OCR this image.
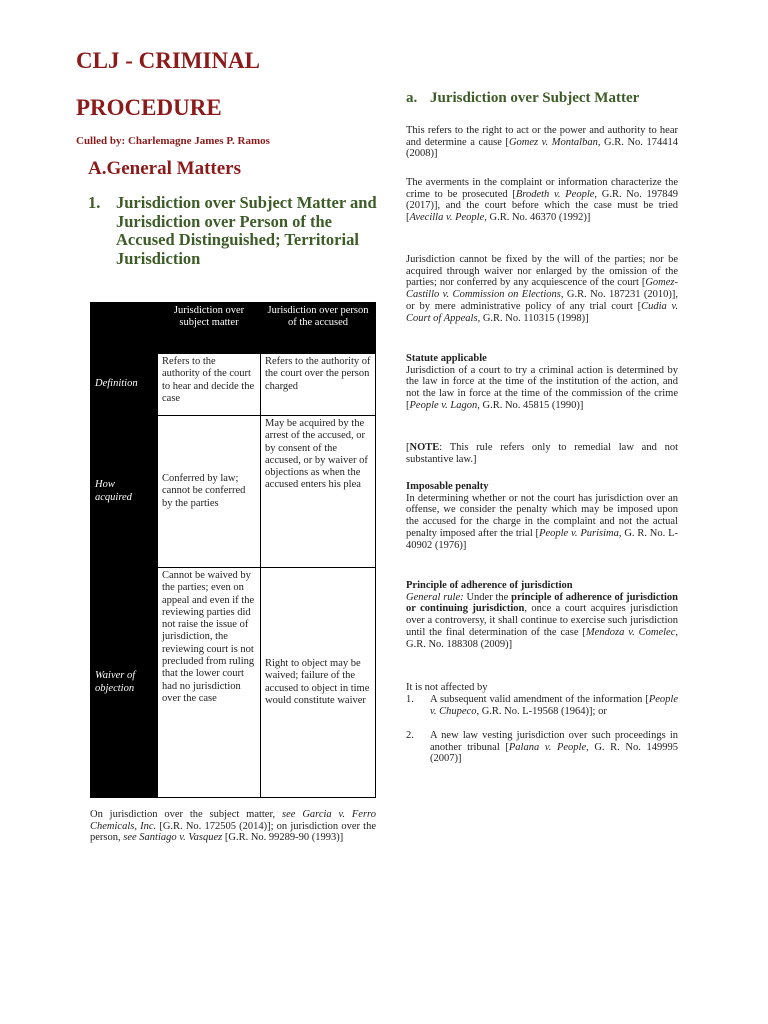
CLJ - CRIMINAL
PROCEDURE
Culled by: Charlemagne James P. Ramos
A.General Matters
1. Jurisdiction over Subject Matter and Jurisdiction over Person of the Accused Distinguished; Territorial Jurisdiction
	Jurisdiction over subject matter	Jurisdiction over person of the accused
Definition	Refers to the authority of the court to hear and decide the case	Refers to the authority of the court over the person charged
How acquired	Conferred by law; cannot be conferred by the parties	May be acquired by the arrest of the accused, or by consent of the accused, or by waiver of objections as when the accused enters his plea
Waiver of objection	Cannot be waived by the parties; even on appeal and even if the reviewing parties did not raise the issue of jurisdiction, the reviewing court is not precluded from ruling that the lower court had no jurisdiction over the case	Right to object may be waived; failure of the accused to object in time would constitute waiver
On jurisdiction over the subject matter, see Garcia v. Ferro Chemicals, Inc. [G.R. No. 172505 (2014)]; on jurisdiction over the person, see Santiago v. Vasquez [G.R. No. 99289-90 (1993)]
a. Jurisdiction over Subject Matter
This refers to the right to act or the power and authority to hear and determine a cause [Gomez v. Montalban, G.R. No. 174414 (2008)]
The averments in the complaint or information characterize the crime to be prosecuted [Brodeth v. People, G.R. No. 197849 (2017)], and the court before which the case must be tried [Avecilla v. People, G.R. No. 46370 (1992)]
Jurisdiction cannot be fixed by the will of the parties; nor be acquired through waiver nor enlarged by the omission of the parties; nor conferred by any acquiescence of the court [Gomez-Castillo v. Commission on Elections, G.R. No. 187231 (2010)], or by mere administrative policy of any trial court [Cudia v. Court of Appeals, G.R. No. 110315 (1998)]
Statute applicable
Jurisdiction of a court to try a criminal action is determined by the law in force at the time of the institution of the action, and not the law in force at the time of the commission of the crime [People v. Lagon, G.R. No. 45815 (1990)]
[NOTE: This rule refers only to remedial law and not substantive law.]
Imposable penalty
In determining whether or not the court has jurisdiction over an offense, we consider the penalty which may be imposed upon the accused for the charge in the complaint and not the actual penalty imposed after the trial [People v. Purisima, G. R. No. L-40902 (1976)]
Principle of adherence of jurisdiction
General rule: Under the principle of adherence of jurisdiction or continuing jurisdiction, once a court acquires jurisdiction over a controversy, it shall continue to exercise such jurisdiction until the final determination of the case [Mendoza v. Comelec, G.R. No. 188308 (2009)]
It is not affected by
1. A subsequent valid amendment of the information [People v. Chupeco, G.R. No. L-19568 (1964)]; or
2. A new law vesting jurisdiction over such proceedings in another tribunal [Palana v. People, G. R. No. 149995 (2007)]
